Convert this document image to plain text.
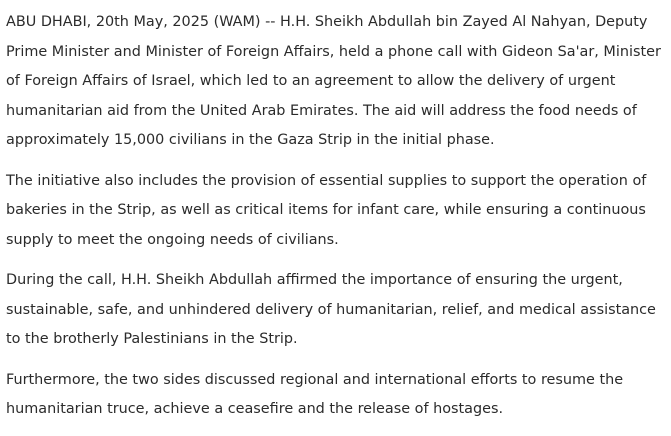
ABU DHABI, 20th May, 2025 (WAM) -- H.H. Sheikh Abdullah bin Zayed Al Nahyan, Deputy Prime Minister and Minister of Foreign Affairs, held a phone call with Gideon Sa'ar, Minister of Foreign Affairs of Israel, which led to an agreement to allow the delivery of urgent humanitarian aid from the United Arab Emirates. The aid will address the food needs of approximately 15,000 civilians in the Gaza Strip in the initial phase.

The initiative also includes the provision of essential supplies to support the operation of bakeries in the Strip, as well as critical items for infant care, while ensuring a continuous supply to meet the ongoing needs of civilians.

During the call, H.H. Sheikh Abdullah affirmed the importance of ensuring the urgent, sustainable, safe, and unhindered delivery of humanitarian, relief, and medical assistance to the brotherly Palestinians in the Strip.

Furthermore, the two sides discussed regional and international efforts to resume the humanitarian truce, achieve a ceasefire and the release of hostages.
